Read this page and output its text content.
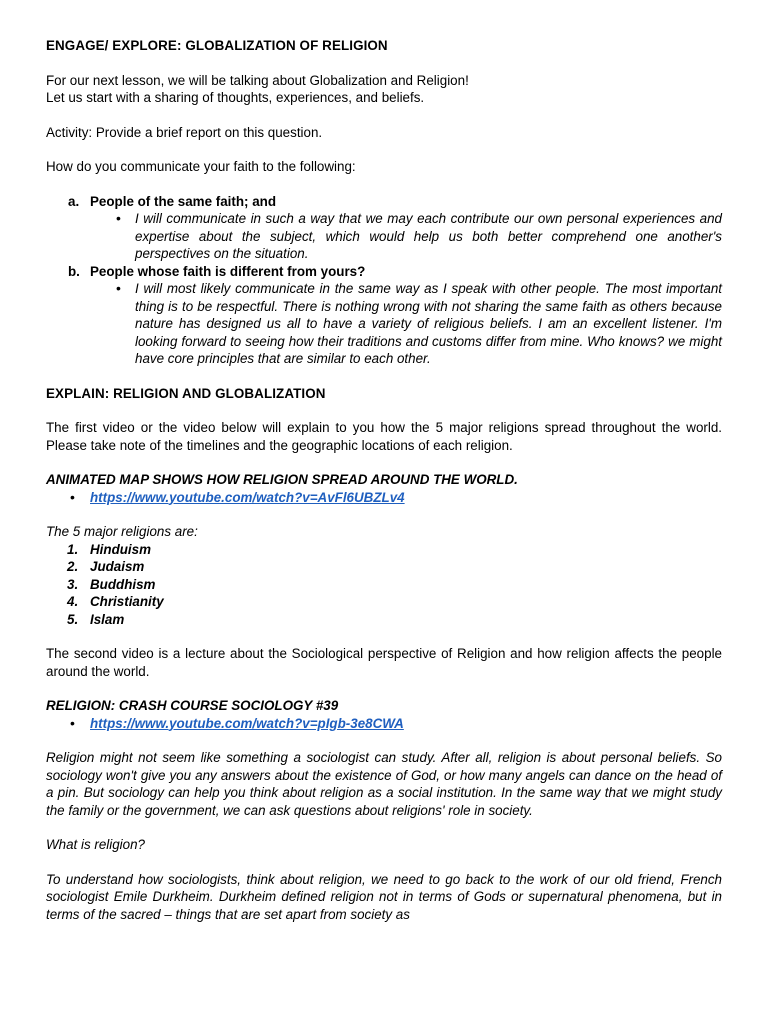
ENGAGE/ EXPLORE: GLOBALIZATION OF RELIGION

For our next lesson, we will be talking about Globalization and Religion!

Let us start with a sharing of thoughts, experiences, and beliefs.

Activity: Provide a brief report on this question.

How do you communicate your faith to the following:

a. People of the same faith; and
• I will communicate in such a way that we may each contribute our own personal experiences and expertise about the subject, which would help us both better comprehend one another's perspectives on the situation.
b. People whose faith is different from yours?
• I will most likely communicate in the same way as I speak with other people. The most important thing is to be respectful. There is nothing wrong with not sharing the same faith as others because nature has designed us all to have a variety of religious beliefs. I am an excellent listener. I'm looking forward to seeing how their traditions and customs differ from mine. Who knows? we might have core principles that are similar to each other.

EXPLAIN: RELIGION AND GLOBALIZATION

The first video or the video below will explain to you how the 5 major religions spread throughout the world. Please take note of the timelines and the geographic locations of each religion.

ANIMATED MAP SHOWS HOW RELIGION SPREAD AROUND THE WORLD.

• https://www.youtube.com/watch?v=AvFl6UBZLv4

The 5 major religions are:

1. Hinduism
2. Judaism
3. Buddhism
4. Christianity
5. Islam

The second video is a lecture about the Sociological perspective of Religion and how religion affects the people around the world.

RELIGION: CRASH COURSE SOCIOLOGY #39

• https://www.youtube.com/watch?v=pIgb-3e8CWA

Religion might not seem like something a sociologist can study. After all, religion is about personal beliefs. So sociology won't give you any answers about the existence of God, or how many angels can dance on the head of a pin. But sociology can help you think about religion as a social institution. In the same way that we might study the family or the government, we can ask questions about religions' role in society.

What is religion?

To understand how sociologists, think about religion, we need to go back to the work of our old friend, French sociologist Emile Durkheim. Durkheim defined religion not in terms of Gods or supernatural phenomena, but in terms of the sacred – things that are set apart from society as
